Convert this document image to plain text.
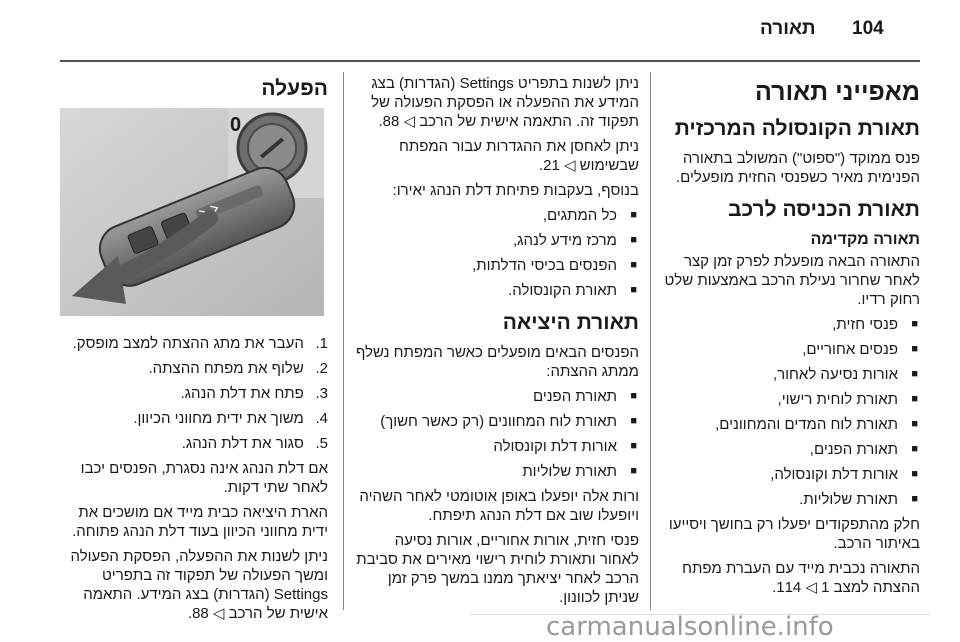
104
תאורה
מאפייני תאורה
תאורת הקונסולה המרכזית

פנס ממוקד ("ספוט") המשולב בתאורה הפנימית מאיר כשפנסי החזית מופעלים.

תאורת הכניסה לרכב
תאורה מקדימה

התאורה הבאה מופעלת לפרק זמן קצר לאחר שחרור נעילת הרכב באמצעות שלט רחוק רדיו.

■ פנסי חזית,
■ פנסים אחוריים,
■ אורות נסיעה לאחור,
■ תאורת לוחית רישוי,
■ תאורת לוח המדים והמחוונים,
■ תאורת הפנים,
■ אורות דלת וקונסולה,
■ תאורת שלוליות.

חלק מהתפקודים יפעלו רק בחושך ויסייעו באיתור הרכב.

התאורה נכבית מייד עם העברת מפתח ההצתה למצב 1 ◁ 114.

ניתן לשנות בתפריט Settings (הגדרות) בצג המידע את ההפעלה או הפסקת הפעולה של תפקוד זה. התאמה אישית של הרכב ◁ 88.

ניתן לאחסן את ההגדרות עבור המפתח שבשימוש ◁ 21.

בנוסף, בעקבות פתיחת דלת הנהג יאירו:

■ כל המתגים,
■ מרכז מידע לנהג,
■ הפנסים בכיסי הדלתות,
■ תאורת הקונסולה.
תאורת היציאה

הפנסים הבאים מופעלים כאשר המפתח נשלף ממתג ההצתה:

■ תאורת הפנים
■ תאורת לוח המחוונים (רק כאשר חשוך)
■ אורות דלת וקונסולה
■ תאורת שלוליות

ורות אלה יופעלו באופן אוטומטי לאחר השהיה ויופעלו שוב אם דלת הנהג תיפתח.

פנסי חזית, אורות אחוריים, אורות נסיעה לאחור ותאורת לוחית רישוי מאירים את סביבת הרכב לאחר יציאתך ממנו במשך פרק זמן שניתן לכוונון.

הפעלה
0
1. העבר את מתג ההצתה למצב מופסק.
2. שלוף את מפתח ההצתה.
3. פתח את דלת הנהג.
4. משוך את ידית מחווני הכיוון.
5. סגור את דלת הנהג.

אם דלת הנהג אינה נסגרת, הפנסים יכבו לאחר שתי דקות.

הארת היציאה כבית מייד אם מושכים את ידית מחווני הכיוון בעוד דלת הנהג פתוחה.

ניתן לשנות את ההפעלה, הפסקת הפעולה ומשך הפעולה של תפקוד זה בתפריט Settings (הגדרות) בצג המידע. התאמה אישית של הרכב ◁ 88.	carmanualsonline.info
